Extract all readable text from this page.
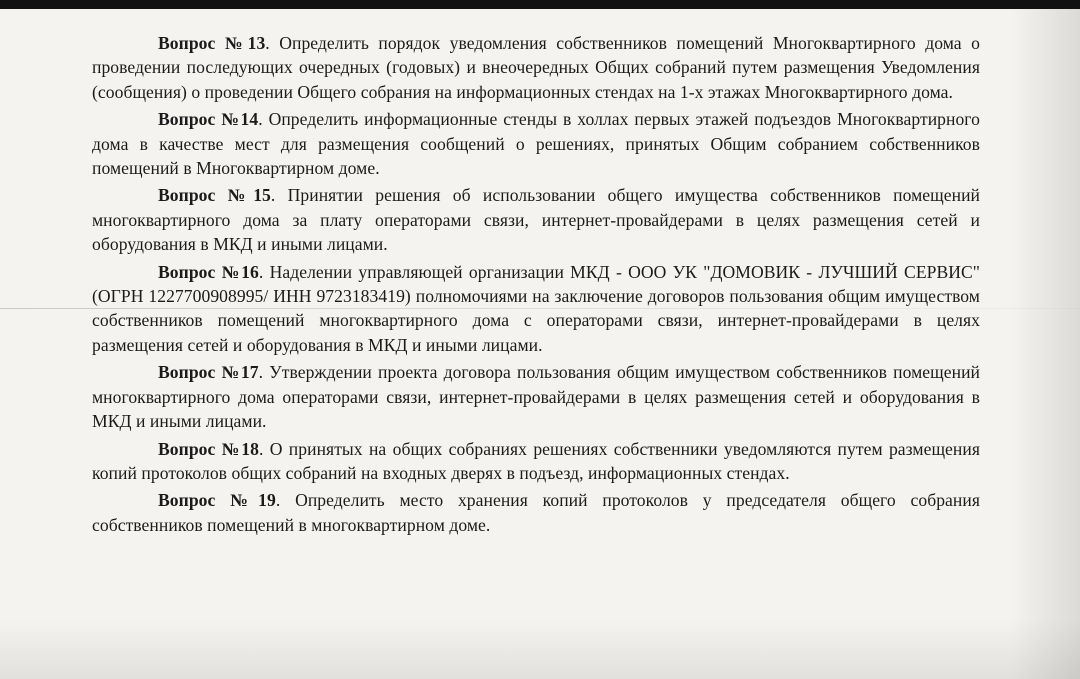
Вопрос №13. Определить порядок уведомления собственников помещений Многоквартирного дома о проведении последующих очередных (годовых) и внеочередных Общих собраний путем размещения Уведомления (сообщения) о проведении Общего собрания на информационных стендах на 1-х этажах Многоквартирного дома.

Вопрос №14. Определить информационные стенды в холлах первых этажей подъездов Многоквартирного дома в качестве мест для размещения сообщений о решениях, принятых Общим собранием собственников помещений в Многоквартирном доме.

Вопрос №15. Принятии решения об использовании общего имущества собственников помещений многоквартирного дома за плату операторами связи, интернет-провайдерами в целях размещения сетей и оборудования в МКД и иными лицами.

Вопрос №16. Наделении управляющей организации МКД - ООО УК "ДОМОВИК - ЛУЧШИЙ СЕРВИС" (ОГРН 1227700908995/ ИНН 9723183419) полномочиями на заключение договоров пользования общим имуществом собственников помещений многоквартирного дома с операторами связи, интернет-провайдерами в целях размещения сетей и оборудования в МКД и иными лицами.

Вопрос №17. Утверждении проекта договора пользования общим имуществом собственников помещений многоквартирного дома операторами связи, интернет-провайдерами в целях размещения сетей и оборудования в МКД и иными лицами.

Вопрос №18. О принятых на общих собраниях решениях собственники уведомляются путем размещения копий протоколов общих собраний на входных дверях в подъезд, информационных стендах.

Вопрос №19. Определить место хранения копий протоколов у председателя общего собрания собственников помещений в многоквартирном доме.
